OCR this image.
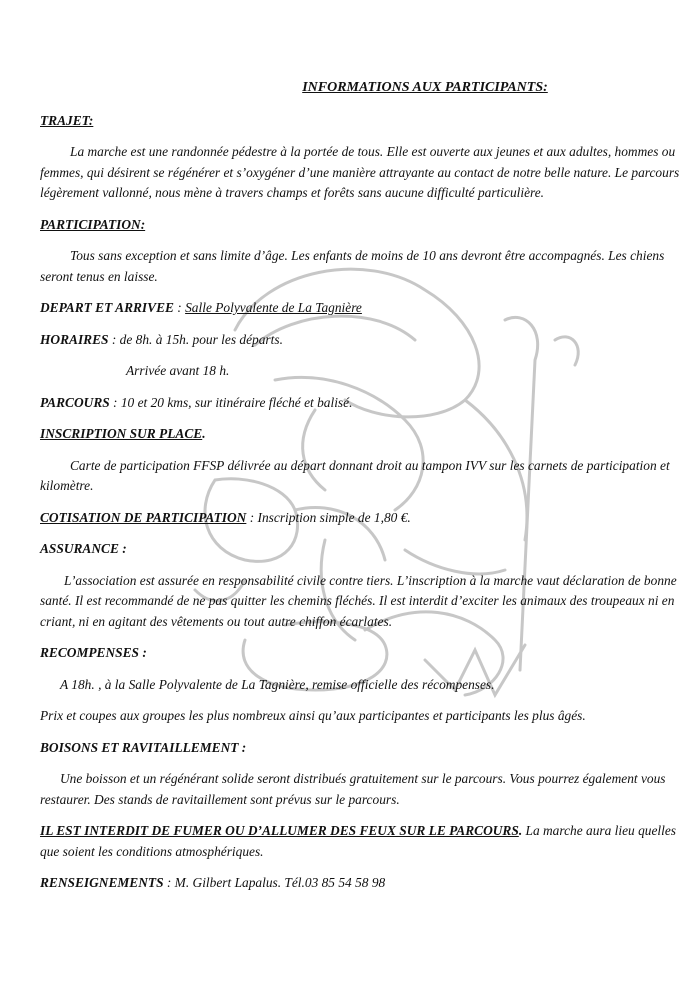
INFORMATIONS AUX PARTICIPANTS:
TRAJET:

La marche est une randonnée pédestre à la portée de tous. Elle est ouverte aux jeunes et aux adultes, hommes ou femmes, qui désirent se régénérer et s’oxygéner d’une manière attrayante au contact de notre belle nature. Le parcours légèrement vallonné, nous mène à travers champs et forêts sans aucune difficulté particulière.

PARTICIPATION:

Tous sans exception et sans limite d’âge. Les enfants de moins de 10 ans devront être accompagnés. Les chiens seront tenus en laisse.

DEPART ET ARRIVEE : Salle Polyvalente de La Tagnière

HORAIRES : de 8h. à 15h. pour les départs.

Arrivée avant 18 h.

PARCOURS : 10 et 20 kms, sur itinéraire fléché et balisé.

INSCRIPTION SUR PLACE.

Carte de participation FFSP délivrée au départ donnant droit au tampon IVV sur les carnets de participation et kilomètre.

COTISATION DE PARTICIPATION : Inscription simple de 1,80 €.

ASSURANCE :

L’association est assurée en responsabilité civile contre tiers. L’inscription à la marche vaut déclaration de bonne santé. Il est recommandé de ne pas quitter les chemins fléchés. Il est interdit d’exciter les animaux des troupeaux ni en criant, ni en agitant des vêtements ou tout autre chiffon écarlates.

RECOMPENSES :

A 18h. , à la Salle Polyvalente de La Tagnière, remise officielle des récompenses.

Prix et coupes aux groupes les plus nombreux ainsi qu’aux participantes et participants les plus âgés.

BOISONS ET RAVITAILLEMENT :

Une boisson et un régénérant solide seront distribués gratuitement sur le parcours. Vous pourrez également vous restaurer. Des stands de ravitaillement sont prévus sur le parcours.

IL EST INTERDIT DE FUMER OU D’ALLUMER DES FEUX SUR LE PARCOURS. La marche aura lieu quelles que soient les conditions atmosphériques.

RENSEIGNEMENTS : M. Gilbert Lapalus. Tél.03 85 54 58 98
